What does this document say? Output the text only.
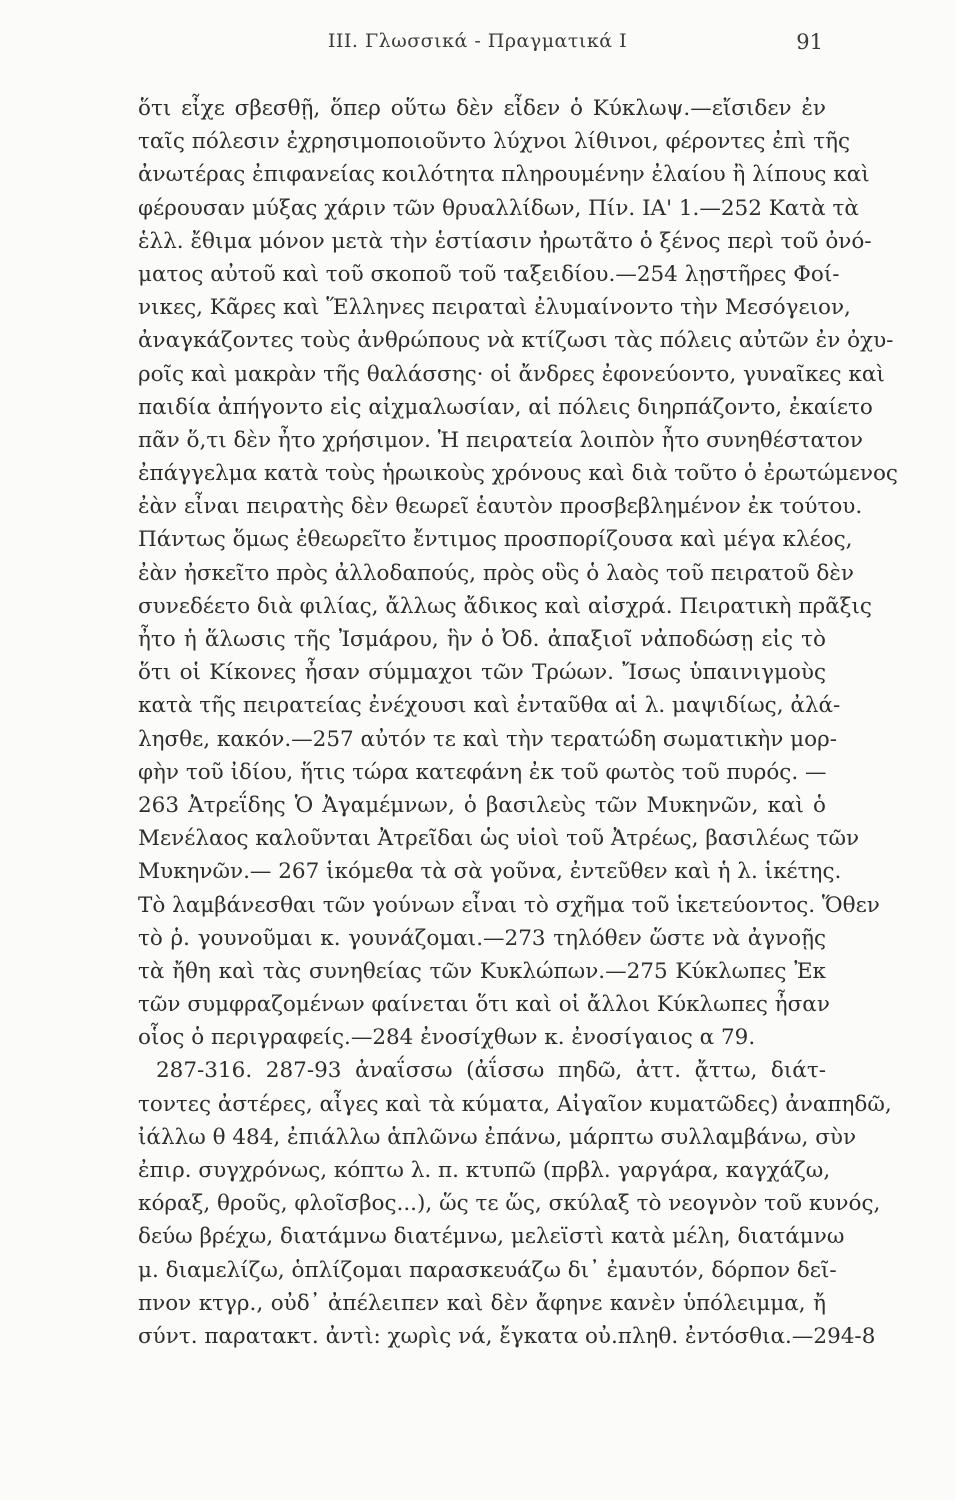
III. Γλωσσικά - Πραγματικά I	91
ὅτι εἶχε σβεσθῇ, ὅπερ οὕτω δὲν εἶδεν ὁ Κύκλωψ.—εἴσιδεν ἐν
ταῖς πόλεσιν ἐχρησιμοποιοῦντο λύχνοι λίθινοι, φέροντες ἐπὶ τῆς
ἀνωτέρας ἐπιφανείας κοιλότητα πληρουμένην ἐλαίου ἢ λίπους καὶ
φέρουσαν μύξας χάριν τῶν θρυαλλίδων, Πίν. ΙΑ' 1.—252 Κατὰ τὰ
ἑλλ. ἔθιμα μόνον μετὰ τὴν ἑστίασιν ἠρωτᾶτο ὁ ξένος περὶ τοῦ ὀνό-
ματος αὐτοῦ καὶ τοῦ σκοποῦ τοῦ ταξειδίου.—254 λῃστῆρες Φοί-
νικες, Κᾶρες καὶ Ἕλληνες πειραταὶ ἐλυμαίνοντο τὴν Μεσόγειον,
ἀναγκάζοντες τοὺς ἀνθρώπους νὰ κτίζωσι τὰς πόλεις αὐτῶν ἐν ὀχυ-
ροῖς καὶ μακρὰν τῆς θαλάσσης· οἱ ἄνδρες ἐφονεύοντο, γυναῖκες καὶ
παιδία ἀπήγοντο εἰς αἰχμαλωσίαν, αἱ πόλεις διηρπάζοντο, ἐκαίετο
πᾶν ὅ,τι δὲν ἦτο χρήσιμον. Ἡ πειρατεία λοιπὸν ἦτο συνηθέστατον
ἐπάγγελμα κατὰ τοὺς ἡρωικοὺς χρόνους καὶ διὰ τοῦτο ὁ ἐρωτώμενος
ἐὰν εἶναι πειρατὴς δὲν θεωρεῖ ἑαυτὸν προσβεβλημένον ἐκ τούτου.
Πάντως ὅμως ἐθεωρεῖτο ἔντιμος προσπορίζουσα καὶ μέγα κλέος,
ἐὰν ἠσκεῖτο πρὸς ἀλλοδαπούς, πρὸς οὓς ὁ λαὸς τοῦ πειρατοῦ δὲν
συνεδέετο διὰ φιλίας, ἄλλως ἄδικος καὶ αἰσχρά. Πειρατικὴ πρᾶξις
ἦτο ἡ ἅλωσις τῆς Ἰσμάρου, ἣν ὁ Ὀδ. ἀπαξιοῖ νἀποδώσῃ εἰς τὸ
ὅτι οἱ Κίκονες ἦσαν σύμμαχοι τῶν Τρώων. Ἴσως ὑπαινιγμοὺς
κατὰ τῆς πειρατείας ἐνέχουσι καὶ ἐνταῦθα αἱ λ. μαψιδίως, ἀλά-
λησθε, κακόν.—257 αὐτόν τε καὶ τὴν τερατώδη σωματικὴν μορ-
φὴν τοῦ ἰδίου, ἥτις τώρα κατεφάνη ἐκ τοῦ φωτὸς τοῦ πυρός. —
263 Ἀτρεΐδης Ὁ Ἀγαμέμνων, ὁ βασιλεὺς τῶν Μυκηνῶν, καὶ ὁ
Μενέλαος καλοῦνται Ἀτρεῖδαι ὡς υἱοὶ τοῦ Ἀτρέως, βασιλέως τῶν
Μυκηνῶν.— 267 ἱκόμεθα τὰ σὰ γοῦνα, ἐντεῦθεν καὶ ἡ λ. ἱκέτης.
Τὸ λαμβάνεσθαι τῶν γούνων εἶναι τὸ σχῆμα τοῦ ἱκετεύοντος. Ὅθεν
τὸ ῥ. γουνοῦμαι κ. γουνάζομαι.—273 τηλόθεν ὥστε νὰ ἀγνοῇς
τὰ ἤθη καὶ τὰς συνηθείας τῶν Κυκλώπων.—275 Κύκλωπες Ἐκ
τῶν συμφραζομένων φαίνεται ὅτι καὶ οἱ ἄλλοι Κύκλωπες ἦσαν
οἷος ὁ περιγραφείς.—284 ἐνοσίχθων κ. ἐνοσίγαιος α 79.
287-316. 287-93 ἀναΐσσω (ἀΐσσω πηδῶ, ἀττ. ᾄττω, διάτ-
τοντες ἀστέρες, αἶγες καὶ τὰ κύματα, Αἰγαῖον κυματῶδες) ἀναπηδῶ,
ἰάλλω θ 484, ἐπιάλλω ἁπλῶνω ἐπάνω, μάρπτω συλλαμβάνω, σὺν
ἐπιρ. συγχρόνως, κόπτω λ. π. κτυπῶ (πρβλ. γαργάρα, καγχάζω,
κόραξ, θροῦς, φλοῖσβος...), ὥς τε ὥς, σκύλαξ τὸ νεογνὸν τοῦ κυνός,
δεύω βρέχω, διατάμνω διατέμνω, μελεϊστὶ κατὰ μέλη, διατάμνω
μ. διαμελίζω, ὁπλίζομαι παρασκευάζω δι᾽ ἐμαυτόν, δόρπον δεῖ-
πνον κτγρ., οὐδ᾽ ἀπέλειπεν καὶ δὲν ἄφηνε κανὲν ὑπόλειμμα, ἤ
σύντ. παρατακτ. ἀντὶ: χωρὶς νά, ἔγκατα οὐ.πληθ. ἐντόσθια.—294-8
